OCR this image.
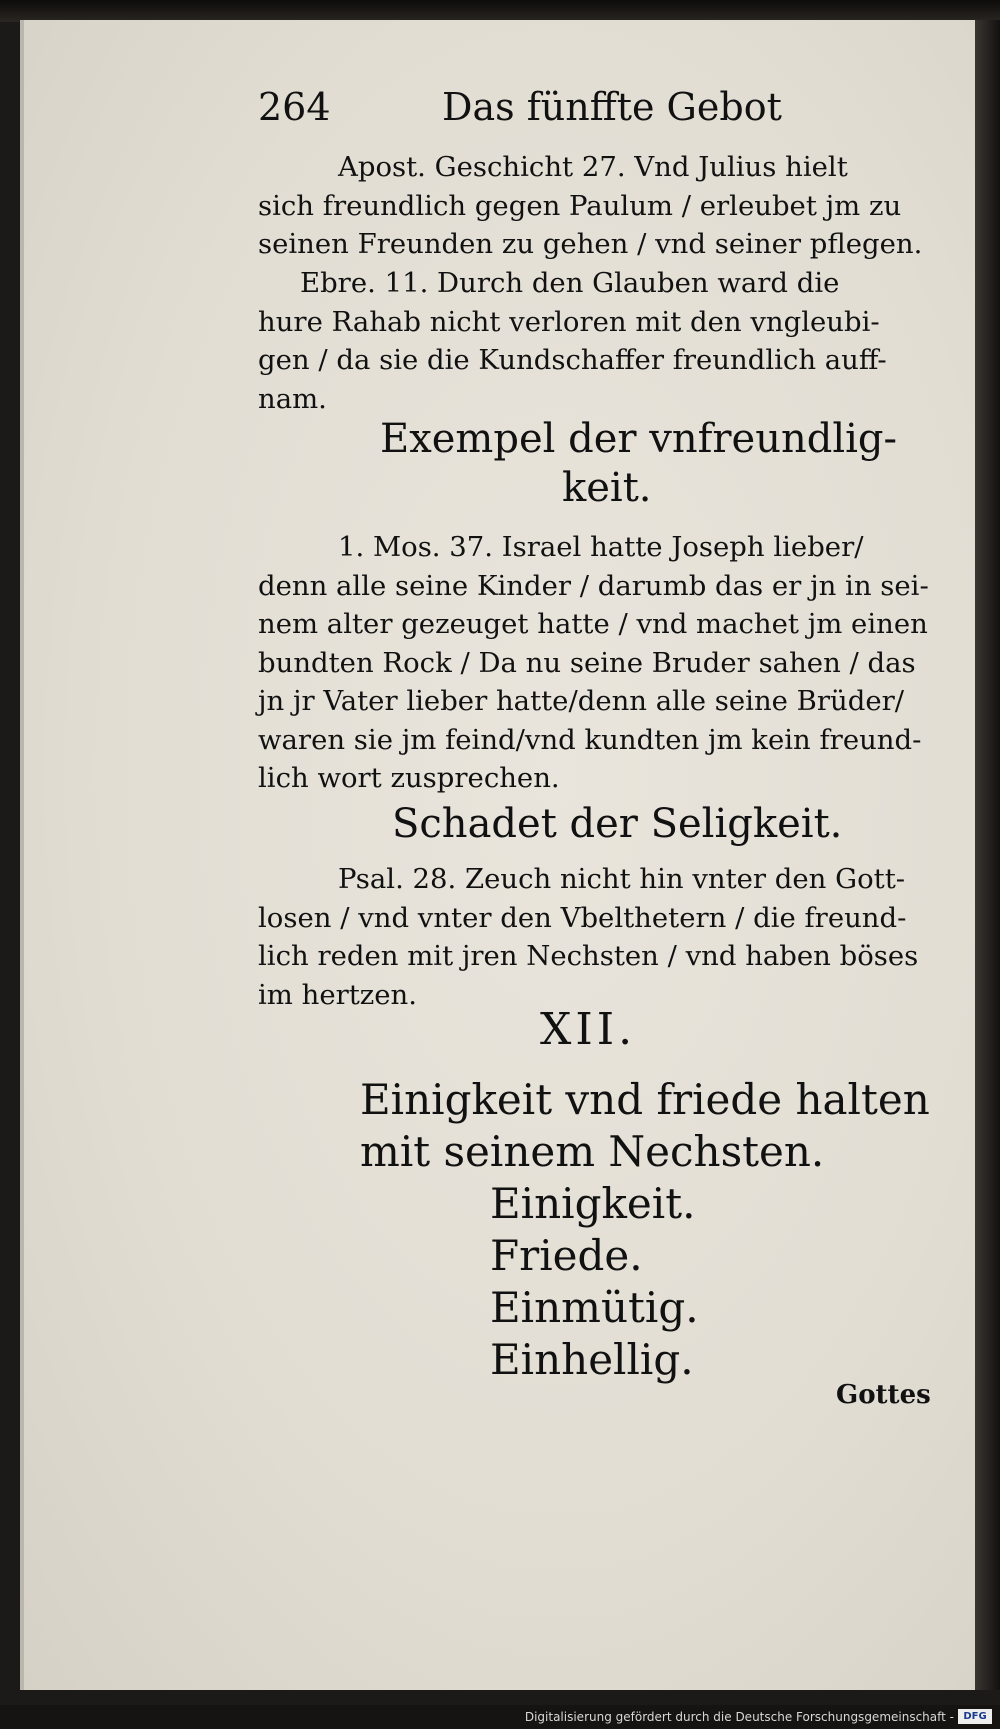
264	Das fünffte Gebot
Apost. Geschicht 27. Vnd Julius hielt
sich freundlich gegen Paulum / erleubet jm zu
seinen Freunden zu gehen / vnd seiner pflegen.
Ebre. 11. Durch den Glauben ward die
hure Rahab nicht verloren mit den vngleubi-
gen / da sie die Kundschaffer freundlich auff-
nam.
Exempel der vnfreundlig-
keit.
1. Mos. 37. Israel hatte Joseph lieber/
denn alle seine Kinder / darumb das er jn in sei-
nem alter gezeuget hatte / vnd machet jm einen
bundten Rock / Da nu seine Bruder sahen / das
jn jr Vater lieber hatte/denn alle seine Brüder/
waren sie jm feind/vnd kundten jm kein freund-
lich wort zusprechen.
Schadet der Seligkeit.
Psal. 28. Zeuch nicht hin vnter den Gott-
losen / vnd vnter den Vbelthetern / die freund-
lich reden mit jren Nechsten / vnd haben böses
im hertzen.
XII.
Einigkeit vnd friede halten
mit seinem Nechsten.
Einigkeit.
Friede.
Einmütig.
Einhellig.
Gottes
Digitalisierung gefördert durch die Deutsche Forschungsgemeinschaft - DFG
